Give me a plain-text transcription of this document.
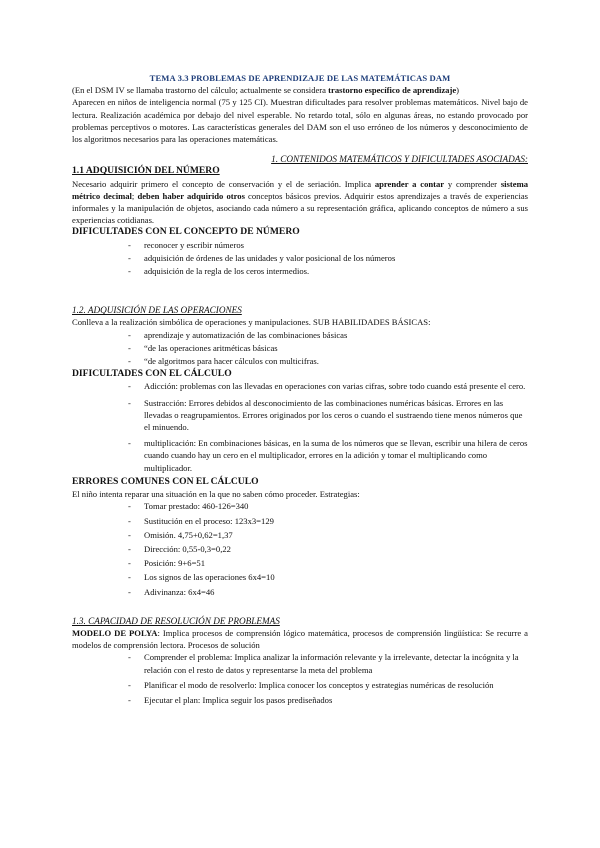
TEMA 3.3 PROBLEMAS DE APRENDIZAJE DE LAS MATEMÁTICAS DAM

(En el DSM IV se llamaba trastorno del cálculo; actualmente se considera trastorno específico de aprendizaje)

Aparecen en niños de inteligencia normal (75 y 125 CI). Muestran dificultades para resolver problemas matemáticos. Nivel bajo de lectura. Realización académica por debajo del nivel esperable. No retardo total, sólo en algunas áreas, no estando provocado por problemas perceptivos o motores. Las características generales del DAM son el uso erróneo de los números y desconocimiento de los algoritmos necesarios para las operaciones matemáticas.

1. CONTENIDOS MATEMÁTICOS Y DIFICULTADES ASOCIADAS:
1.1 ADQUISICIÓN DEL NÚMERO

Necesario adquirir primero el concepto de conservación y el de seriación. Implica aprender a contar y comprender sistema métrico decimal; deben haber adquirido otros conceptos básicos previos. Adquirir estos aprendizajes a través de experiencias informales y la manipulación de objetos, asociando cada número a su representación gráfica, aplicando conceptos de número a sus experiencias cotidianas.

DIFICULTADES CON EL CONCEPTO DE NÚMERO
- reconocer y escribir números
- adquisición de órdenes de las unidades y valor posicional de los números
- adquisición de la regla de los ceros intermedios.
1.2. ADQUISICIÓN DE LAS OPERACIONES

Conlleva a la realización simbólica de operaciones y manipulaciones. SUB HABILIDADES BÁSICAS:

- aprendizaje y automatización de las combinaciones básicas
- “de las operaciones aritméticas básicas
- “de algoritmos para hacer cálculos con multicifras.
DIFICULTADES CON EL CÁLCULO
- Adicción: problemas con las llevadas en operaciones con varias cifras, sobre todo cuando está presente el cero.
- Sustracción: Errores debidos al desconocimiento de las combinaciones numéricas básicas. Errores en las llevadas o reagrupamientos. Errores originados por los ceros o cuando el sustraendo tiene menos números que el minuendo.
- multiplicación: En combinaciones básicas, en la suma de los números que se llevan, escribir una hilera de ceros cuando cuando hay un cero en el multiplicador, errores en la adición y tomar el multiplicando como multiplicador.
ERRORES COMUNES CON EL CÁLCULO

El niño intenta reparar una situación en la que no saben cómo proceder. Estrategias:

- Tomar prestado: 460-126=340
- Sustitución en el proceso: 123x3=129
- Omisión. 4,75+0,62=1,37
- Dirección: 0,55-0,3=0,22
- Posición: 9+6=51
- Los signos de las operaciones 6x4=10
- Adivinanza: 6x4=46
1.3. CAPACIDAD DE RESOLUCIÓN DE PROBLEMAS

MODELO DE POLYA: Implica procesos de comprensión lógico matemática, procesos de comprensión lingüística: Se recurre a modelos de comprensión lectora. Procesos de solución

- Comprender el problema: Implica analizar la información relevante y la irrelevante, detectar la incógnita y la relación con el resto de datos y representarse la meta del problema
- Planificar el modo de resolverlo: Implica conocer los conceptos y estrategias numéricas de resolución
- Ejecutar el plan: Implica seguir los pasos prediseñados
